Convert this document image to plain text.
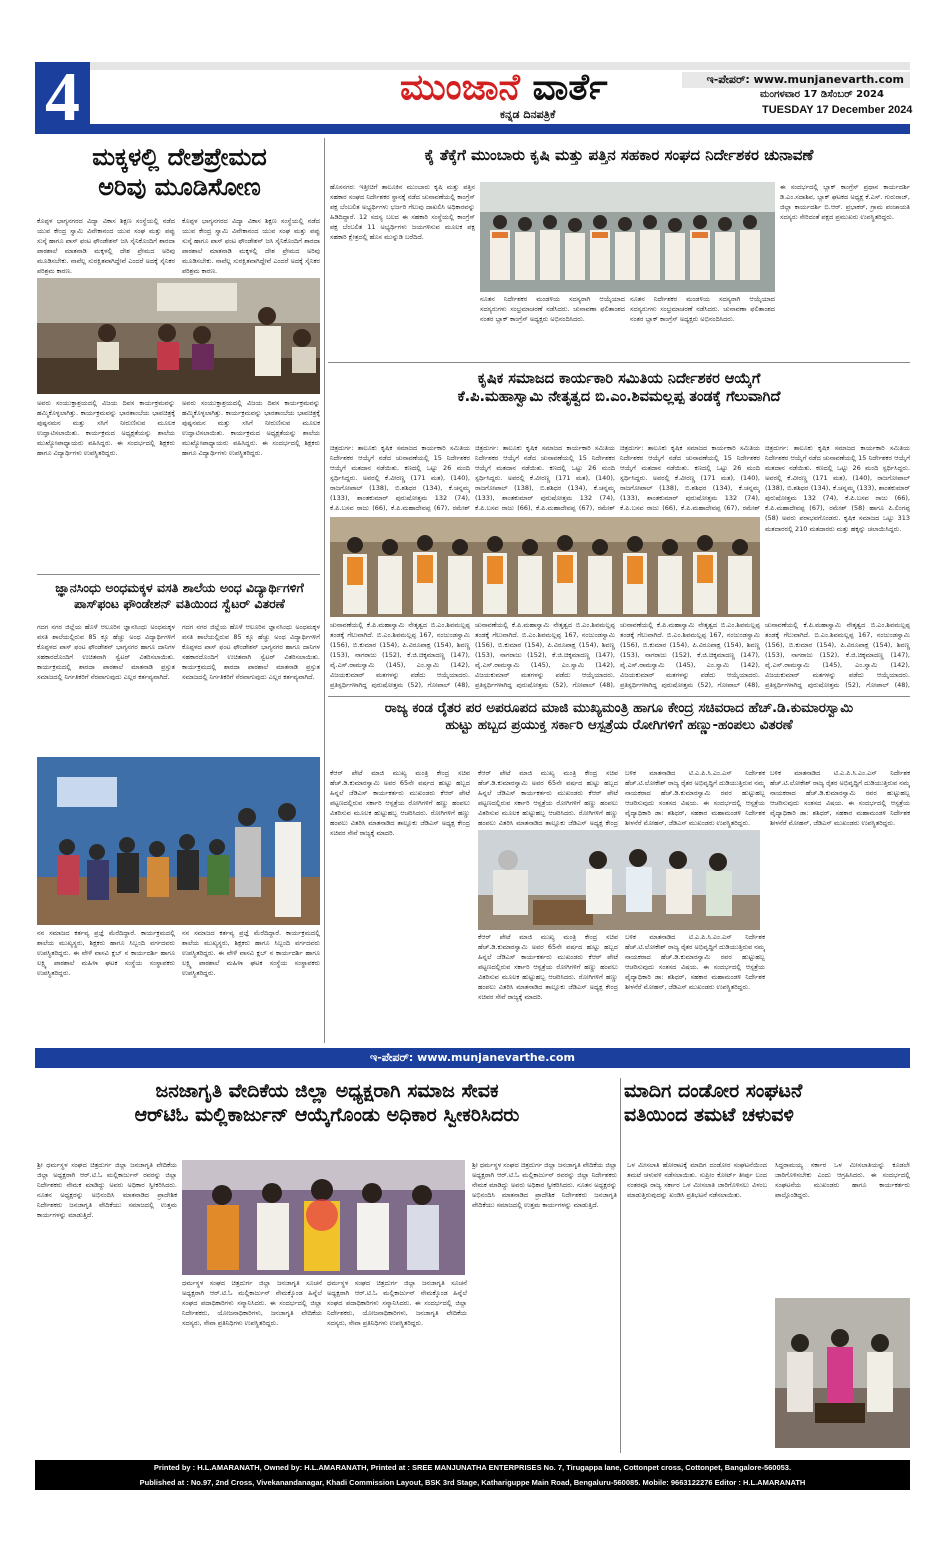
4	ಮುಂಜಾನೆ ವಾರ್ತೆ
ಕನ್ನಡ ದಿನಪತ್ರಿಕೆ
ಇ-ಪೇಪರ್: www.munjanevarth.com
ಮಂಗಳವಾರ 17 ಡಿಸೆಂಬರ್ 2024
TUESDAY 17 December 2024
ಮಕ್ಕಳಲ್ಲಿ ದೇಶಪ್ರೇಮದ
ಅರಿವು ಮೂಡಿಸೋಣ
ಕೊಪ್ಪಳ ಭಾಗ್ಯನಗರದ ವಿದ್ಯಾ ವಿಕಾಸ ಶಿಕ್ಷಣ ಸಂಸ್ಥೆಯಲ್ಲಿ ನಡೆದ ಯುವ ಕೇಂದ್ರ ಸ್ವಾಮಿ ವಿವೇಕಾನಂದ ಯುವ ಸಂಘ ಮತ್ತು ಪಪ್ಪು ಸುಸ್ಕೆ ಹಾಗೂ ಪಾಸ್ ಫಂಟ ಫೌಂಡೇಶನ್ ಜಸಿ ಸೈನಿಕೊಂದಿಗೆ ಶಾರದಾ ಪಾಠಶಾಲೆ ಮಾತನಾಡಿ ಮಕ್ಕಳಲ್ಲಿ ದೇಶ ಪ್ರೇಮದ ಅರಿವು ಮೂಡಿಸಬೇಕು. ನಾವೆಲ್ಲ ಸುರಕ್ಷಿತವಾಗಿದ್ದೇವೆ ಎಂದರೆ ಅದಕ್ಕೆ ಸೈನಿಕರ ಪರಿಶ್ರಮ ಕಾರಣ.
ಕೊಪ್ಪಳ ಭಾಗ್ಯನಗರದ ವಿದ್ಯಾ ವಿಕಾಸ ಶಿಕ್ಷಣ ಸಂಸ್ಥೆಯಲ್ಲಿ ನಡೆದ ಯುವ ಕೇಂದ್ರ ಸ್ವಾಮಿ ವಿವೇಕಾನಂದ ಯುವ ಸಂಘ ಮತ್ತು ಪಪ್ಪು ಸುಸ್ಕೆ ಹಾಗೂ ಪಾಸ್ ಫಂಟ ಫೌಂಡೇಶನ್ ಜಸಿ ಸೈನಿಕೊಂದಿಗೆ ಶಾರದಾ ಪಾಠಶಾಲೆ ಮಾತನಾಡಿ ಮಕ್ಕಳಲ್ಲಿ ದೇಶ ಪ್ರೇಮದ ಅರಿವು ಮೂಡಿಸಬೇಕು. ನಾವೆಲ್ಲ ಸುರಕ್ಷಿತವಾಗಿದ್ದೇವೆ ಎಂದರೆ ಅದಕ್ಕೆ ಸೈನಿಕರ ಪರಿಶ್ರಮ ಕಾರಣ.
ಅವರು ಸಂಯುಕ್ತಾಶ್ರಯದಲ್ಲಿ ವಿಜಯ ದಿವಸ ಕಾರ್ಯಕ್ರಮವನ್ನು ಹಮ್ಮಿಕೊಳ್ಳಲಾಗಿತ್ತು. ಕಾರ್ಯಕ್ರಮವನ್ನು ಭಾರತಾಂಬೆಯ ಭಾವಚಿತ್ರಕ್ಕೆ ಪುಷ್ಪನಮನ ಮತ್ತು ಸಸಿಗೆ ನೀರುಣಿಸುವ ಮೂಲಕ ಉದ್ಘಾಟಿಸಲಾಯಿತು. ಕಾರ್ಯಕ್ರಮದ ಅಧ್ಯಕ್ಷತೆಯನ್ನು ಶಾಲೆಯ ಮುಖ್ಯೋಪಾಧ್ಯಾಯರು ವಹಿಸಿದ್ದರು. ಈ ಸಂದರ್ಭದಲ್ಲಿ ಶಿಕ್ಷಕರು ಹಾಗೂ ವಿದ್ಯಾರ್ಥಿಗಳು ಉಪಸ್ಥಿತರಿದ್ದರು.
ಅವರು ಸಂಯುಕ್ತಾಶ್ರಯದಲ್ಲಿ ವಿಜಯ ದಿವಸ ಕಾರ್ಯಕ್ರಮವನ್ನು ಹಮ್ಮಿಕೊಳ್ಳಲಾಗಿತ್ತು. ಕಾರ್ಯಕ್ರಮವನ್ನು ಭಾರತಾಂಬೆಯ ಭಾವಚಿತ್ರಕ್ಕೆ ಪುಷ್ಪನಮನ ಮತ್ತು ಸಸಿಗೆ ನೀರುಣಿಸುವ ಮೂಲಕ ಉದ್ಘಾಟಿಸಲಾಯಿತು. ಕಾರ್ಯಕ್ರಮದ ಅಧ್ಯಕ್ಷತೆಯನ್ನು ಶಾಲೆಯ ಮುಖ್ಯೋಪಾಧ್ಯಾಯರು ವಹಿಸಿದ್ದರು. ಈ ಸಂದರ್ಭದಲ್ಲಿ ಶಿಕ್ಷಕರು ಹಾಗೂ ವಿದ್ಯಾರ್ಥಿಗಳು ಉಪಸ್ಥಿತರಿದ್ದರು.
ಜ್ಞಾನಸಿಂಧು ಅಂಧಮಕ್ಕಳ ವಸತಿ ಶಾಲೆಯ ಅಂಧ ವಿದ್ಯಾರ್ಥಿಗಳಿಗೆ
ಪಾಸ್‌ಫಂಟ ಫೌಂಡೇಶನ್ ವತಿಯಿಂದ ಸ್ವೆಟರ್ ವಿತರಣೆ
ಗದಗ ನಗರ ಜಿಲ್ಲೆಯ ಹೊಳೆ ಆಲೂರಿನ ಜ್ಞಾನಸಿಂಧು ಅಂಧಮಕ್ಕಳ ವಸತಿ ಶಾಲೆಯಲ್ಲಿರುವ 85 ಕ್ಕೂ ಹೆಚ್ಚು ಅಂಧ ವಿದ್ಯಾರ್ಥಿಗಳಿಗೆ ಕೊಪ್ಪಳದ ಪಾಸ್ ಫಂಟ ಫೌಂಡೇಶನ್ ಭಾಗ್ಯನಗರ ಹಾಗೂ ದಾನಿಗಳ ಸಹಕಾರದೊಂದಿಗೆ ಉಚಿತವಾಗಿ ಸ್ವೆಟರ್ ವಿತರಿಸಲಾಯಿತು. ಕಾರ್ಯಕ್ರಮದಲ್ಲಿ ಶಾರದಾ ಪಾಠಶಾಲೆ ಮಾತನಾಡಿ ಪ್ರಸ್ತುತ ಸಮಾಜದಲ್ಲಿ ನಿರ್ಗತಿಕರಿಗೆ ನೆರವಾಗುವುದು ಎಲ್ಲರ ಕರ್ತವ್ಯವಾಗಿದೆ.
ಗದಗ ನಗರ ಜಿಲ್ಲೆಯ ಹೊಳೆ ಆಲೂರಿನ ಜ್ಞಾನಸಿಂಧು ಅಂಧಮಕ್ಕಳ ವಸತಿ ಶಾಲೆಯಲ್ಲಿರುವ 85 ಕ್ಕೂ ಹೆಚ್ಚು ಅಂಧ ವಿದ್ಯಾರ್ಥಿಗಳಿಗೆ ಕೊಪ್ಪಳದ ಪಾಸ್ ಫಂಟ ಫೌಂಡೇಶನ್ ಭಾಗ್ಯನಗರ ಹಾಗೂ ದಾನಿಗಳ ಸಹಕಾರದೊಂದಿಗೆ ಉಚಿತವಾಗಿ ಸ್ವೆಟರ್ ವಿತರಿಸಲಾಯಿತು. ಕಾರ್ಯಕ್ರಮದಲ್ಲಿ ಶಾರದಾ ಪಾಠಶಾಲೆ ಮಾತನಾಡಿ ಪ್ರಸ್ತುತ ಸಮಾಜದಲ್ಲಿ ನಿರ್ಗತಿಕರಿಗೆ ನೆರವಾಗುವುದು ಎಲ್ಲರ ಕರ್ತವ್ಯವಾಗಿದೆ.
ನನ ಸಮಾಜದ ಕರ್ತವ್ಯ ಪ್ರಜ್ಞೆ ಮೆರೆದಿದ್ದಾರೆ. ಕಾರ್ಯಕ್ರಮದಲ್ಲಿ ಶಾಲೆಯ ಮುಖ್ಯಸ್ಥರು, ಶಿಕ್ಷಕರು ಹಾಗೂ ಸಿಬ್ಬಂದಿ ವರ್ಗದವರು ಉಪಸ್ಥಿತರಿದ್ದರು. ಈ ವೇಳೆ ವಾಸವಿ ಕ್ಲಬ್ ನ ಕಾರ್ಯದರ್ಶಿ ಹಾಗೂ ಲಕ್ಷ್ಮಿ ಪಾಠಶಾಲೆ ಮಹಿಳಾ ಘಟಕ ಸಂಸ್ಥೆಯ ಸಂಸ್ಥಾಪಕರು ಉಪಸ್ಥಿತರಿದ್ದರು.
ನನ ಸಮಾಜದ ಕರ್ತವ್ಯ ಪ್ರಜ್ಞೆ ಮೆರೆದಿದ್ದಾರೆ. ಕಾರ್ಯಕ್ರಮದಲ್ಲಿ ಶಾಲೆಯ ಮುಖ್ಯಸ್ಥರು, ಶಿಕ್ಷಕರು ಹಾಗೂ ಸಿಬ್ಬಂದಿ ವರ್ಗದವರು ಉಪಸ್ಥಿತರಿದ್ದರು. ಈ ವೇಳೆ ವಾಸವಿ ಕ್ಲಬ್ ನ ಕಾರ್ಯದರ್ಶಿ ಹಾಗೂ ಲಕ್ಷ್ಮಿ ಪಾಠಶಾಲೆ ಮಹಿಳಾ ಘಟಕ ಸಂಸ್ಥೆಯ ಸಂಸ್ಥಾಪಕರು ಉಪಸ್ಥಿತರಿದ್ದರು.
ಕೈ ತೆಕ್ಕೆಗೆ ಮುಂಬಾರು ಕೃಷಿ ಮತ್ತು ಪತ್ತಿನ ಸಹಕಾರ ಸಂಘದ ನಿರ್ದೇಶಕರ ಚುನಾವಣೆ
ಹೊಸನಗರ: ಇತ್ತೀಚಿಗೆ ತಾಲೂಕಿನ ಮುಂಬಾರು ಕೃಷಿ ಮತ್ತು ಪತ್ತಿನ ಸಹಕಾರ ಸಂಘದ ನಿರ್ದೇಶಕರ ಸ್ಥಾನಕ್ಕೆ ನಡೆದ ಚುನಾವಣೆಯಲ್ಲಿ ಕಾಂಗ್ರೆಸ್ ಪಕ್ಷ ಬೆಂಬಲಿತ ಅಭ್ಯರ್ಥಿಗಳು ಭರ್ಜರಿ ಗೆಲುವು ದಾಖಲಿಸಿ ಅಧಿಕಾರವನ್ನು ಹಿಡಿದಿದ್ದಾರೆ. 12 ಸದಸ್ಯ ಬಲದ ಈ ಸಹಕಾರಿ ಸಂಸ್ಥೆಯಲ್ಲಿ ಕಾಂಗ್ರೆಸ್ ಪಕ್ಷ ಬೆಂಬಲಿತ 11 ಅಭ್ಯರ್ಥಿಗಳು ಜಯಗಳಿಸುವ ಮೂಲಕ ಪಕ್ಷ ಸಹಕಾರಿ ಕ್ಷೇತ್ರದಲ್ಲಿ ಹೊಸ ಮುನ್ನುಡಿ ಬರೆದಿದೆ.
ನೂತನ ನಿರ್ದೇಶಕರ ಮಂಡಳಿಯ ಸದಸ್ಯರಾಗಿ ಆಯ್ಕೆಯಾದ ಸದಸ್ಯರುಗಳು ಸಂಭ್ರಮಾಚರಣೆ ನಡೆಸಿದರು. ಚುನಾವಣಾ ಫಲಿತಾಂಶದ ನಂತರ ಬ್ಲಾಕ್ ಕಾಂಗ್ರೆಸ್ ಅಧ್ಯಕ್ಷರು ಅಭಿನಂದಿಸಿದರು.
ನೂತನ ನಿರ್ದೇಶಕರ ಮಂಡಳಿಯ ಸದಸ್ಯರಾಗಿ ಆಯ್ಕೆಯಾದ ಸದಸ್ಯರುಗಳು ಸಂಭ್ರಮಾಚರಣೆ ನಡೆಸಿದರು. ಚುನಾವಣಾ ಫಲಿತಾಂಶದ ನಂತರ ಬ್ಲಾಕ್ ಕಾಂಗ್ರೆಸ್ ಅಧ್ಯಕ್ಷರು ಅಭಿನಂದಿಸಿದರು.
ಈ ಸಂದರ್ಭದಲ್ಲಿ ಬ್ಲಾಕ್ ಕಾಂಗ್ರೆಸ್ ಪ್ರಧಾನ ಕಾರ್ಯದರ್ಶಿ ಡಿ.ಎಂ.ಸದಾಶಿವ, ಬ್ಲಾಕ್ ಘಟಕದ ಅಧ್ಯಕ್ಷ ಕೆ.ಎಸ್. ಗುರುರಾಜ್, ಜಿಲ್ಲಾ ಕಾರ್ಯದರ್ಶಿ ಬಿ.ಆರ್. ಪ್ರಭಾಕರ್, ಗ್ರಾಮ ಪಂಚಾಯತಿ ಸದಸ್ಯರು ಸೇರಿದಂತೆ ಪಕ್ಷದ ಪ್ರಮುಖರು ಉಪಸ್ಥಿತರಿದ್ದರು.
ಕೃಷಿಕ ಸಮಾಜದ ಕಾರ್ಯಕಾರಿ ಸಮಿತಿಯ ನಿರ್ದೇಶಕರ ಆಯ್ಕೆಗೆ
ಕೆ.ಪಿ.ಮಹಾಸ್ವಾಮಿ ನೇತೃತ್ವದ ಬಿ.ಎಂ.ಶಿವಮಲ್ಲಪ್ಪ ತಂಡಕ್ಕೆ ಗೆಲುವಾಗಿದೆ
ಚಿತ್ರದುರ್ಗ: ತಾಲೂಕು ಕೃಷಿಕ ಸಮಾಜದ ಕಾರ್ಯಕಾರಿ ಸಮಿತಿಯ ನಿರ್ದೇಶಕರ ಆಯ್ಕೆಗೆ ನಡೆದ ಚುನಾವಣೆಯಲ್ಲಿ 15 ನಿರ್ದೇಶಕರ ಆಯ್ಕೆಗೆ ಮತದಾನ ನಡೆಯಿತು. ಕಣದಲ್ಲಿ ಒಟ್ಟು 26 ಮಂದಿ ಸ್ಪರ್ಧಿಸಿದ್ದರು. ಅವರಲ್ಲಿ ಕೆ.ವೀರಣ್ಣ (171 ಮತ), (140), ರಾಜಗೋಪಾಲ್ (138), ಬಿ.ಶಶಿಧರ (134), ಕೆ.ಚನ್ನಮ್ಮ (133), ಶಾಂತಕುಮಾರ್ ಪುರುಷೋತ್ತಮ 132 (74), ಕೆ.ಪಿ.ಬಸವ ರಾಜು (66), ಕೆ.ಪಿ.ಮಹಾದೇವಪ್ಪ (67), ರಮೇಶ್
ಚಿತ್ರದುರ್ಗ: ತಾಲೂಕು ಕೃಷಿಕ ಸಮಾಜದ ಕಾರ್ಯಕಾರಿ ಸಮಿತಿಯ ನಿರ್ದೇಶಕರ ಆಯ್ಕೆಗೆ ನಡೆದ ಚುನಾವಣೆಯಲ್ಲಿ 15 ನಿರ್ದೇಶಕರ ಆಯ್ಕೆಗೆ ಮತದಾನ ನಡೆಯಿತು. ಕಣದಲ್ಲಿ ಒಟ್ಟು 26 ಮಂದಿ ಸ್ಪರ್ಧಿಸಿದ್ದರು. ಅವರಲ್ಲಿ ಕೆ.ವೀರಣ್ಣ (171 ಮತ), (140), ರಾಜಗೋಪಾಲ್ (138), ಬಿ.ಶಶಿಧರ (134), ಕೆ.ಚನ್ನಮ್ಮ (133), ಶಾಂತಕುಮಾರ್ ಪುರುಷೋತ್ತಮ 132 (74), ಕೆ.ಪಿ.ಬಸವ ರಾಜು (66), ಕೆ.ಪಿ.ಮಹಾದೇವಪ್ಪ (67), ರಮೇಶ್
ಚಿತ್ರದುರ್ಗ: ತಾಲೂಕು ಕೃಷಿಕ ಸಮಾಜದ ಕಾರ್ಯಕಾರಿ ಸಮಿತಿಯ ನಿರ್ದೇಶಕರ ಆಯ್ಕೆಗೆ ನಡೆದ ಚುನಾವಣೆಯಲ್ಲಿ 15 ನಿರ್ದೇಶಕರ ಆಯ್ಕೆಗೆ ಮತದಾನ ನಡೆಯಿತು. ಕಣದಲ್ಲಿ ಒಟ್ಟು 26 ಮಂದಿ ಸ್ಪರ್ಧಿಸಿದ್ದರು. ಅವರಲ್ಲಿ ಕೆ.ವೀರಣ್ಣ (171 ಮತ), (140), ರಾಜಗೋಪಾಲ್ (138), ಬಿ.ಶಶಿಧರ (134), ಕೆ.ಚನ್ನಮ್ಮ (133), ಶಾಂತಕುಮಾರ್ ಪುರುಷೋತ್ತಮ 132 (74), ಕೆ.ಪಿ.ಬಸವ ರಾಜು (66), ಕೆ.ಪಿ.ಮಹಾದೇವಪ್ಪ (67), ರಮೇಶ್
ಚಿತ್ರದುರ್ಗ: ತಾಲೂಕು ಕೃಷಿಕ ಸಮಾಜದ ಕಾರ್ಯಕಾರಿ ಸಮಿತಿಯ ನಿರ್ದೇಶಕರ ಆಯ್ಕೆಗೆ ನಡೆದ ಚುನಾವಣೆಯಲ್ಲಿ 15 ನಿರ್ದೇಶಕರ ಆಯ್ಕೆಗೆ ಮತದಾನ ನಡೆಯಿತು. ಕಣದಲ್ಲಿ ಒಟ್ಟು 26 ಮಂದಿ ಸ್ಪರ್ಧಿಸಿದ್ದರು. ಅವರಲ್ಲಿ ಕೆ.ವೀರಣ್ಣ (171 ಮತ), (140), ರಾಜಗೋಪಾಲ್ (138), ಬಿ.ಶಶಿಧರ (134), ಕೆ.ಚನ್ನಮ್ಮ (133), ಶಾಂತಕುಮಾರ್ ಪುರುಷೋತ್ತಮ 132 (74), ಕೆ.ಪಿ.ಬಸವ ರಾಜು (66), ಕೆ.ಪಿ.ಮಹಾದೇವಪ್ಪ (67), ರಮೇಶ್ (58) ಹಾಗೂ ಪಿ.ಲಿಂಗಪ್ಪ (58) ಅವರು ಪರಾಭವಗೊಂಡರು. ಕೃಷಿಕ ಸಮಾಜದ ಒಟ್ಟು 313 ಮತದಾರರಲ್ಲಿ 210 ಮತದಾರರು ಮತ್ತು ಹಕ್ಕನ್ನು ಚಲಾಯಿಸಿದ್ದರು.
ಚುನಾವಣೆಯಲ್ಲಿ ಕೆ.ಪಿ.ಮಹಾಸ್ವಾಮಿ ನೇತೃತ್ವದ ಬಿ.ಎಂ.ಶಿವಮಲ್ಲಪ್ಪ ತಂಡಕ್ಕೆ ಗೆಲುವಾಗಿದೆ. ಬಿ.ಎಂ.ಶಿವಮಲ್ಲಪ್ಪ 167, ನಂಜುಂಡಸ್ವಾಮಿ (156), ಬಿ.ಕುಮಾರ (154), ಪಿ.ವಿರೂಪಾಕ್ಷ (154), ಶಿವಣ್ಣ (153), ನಾಗರಾಜು (152), ಕೆ.ಜಿ.ಚಿಕ್ಕಮಾದಣ್ಣ (147), ವೈ.ಎಸ್.ರಾಮಸ್ವಾಮಿ (145), ಎಂ.ಸ್ವಾಮಿ (142), ವಿಜಯಕುಮಾರ್ ಮತಗಳನ್ನು ಪಡೆದು ಆಯ್ಕೆಯಾದರು. ಪ್ರತಿಸ್ಪರ್ಧಿಗಳಾಗಿದ್ದ ಪುರುಷೋತ್ತಮ (52), ಗೋಪಾಲ್ (48),
ಚುನಾವಣೆಯಲ್ಲಿ ಕೆ.ಪಿ.ಮಹಾಸ್ವಾಮಿ ನೇತೃತ್ವದ ಬಿ.ಎಂ.ಶಿವಮಲ್ಲಪ್ಪ ತಂಡಕ್ಕೆ ಗೆಲುವಾಗಿದೆ. ಬಿ.ಎಂ.ಶಿವಮಲ್ಲಪ್ಪ 167, ನಂಜುಂಡಸ್ವಾಮಿ (156), ಬಿ.ಕುಮಾರ (154), ಪಿ.ವಿರೂಪಾಕ್ಷ (154), ಶಿವಣ್ಣ (153), ನಾಗರಾಜು (152), ಕೆ.ಜಿ.ಚಿಕ್ಕಮಾದಣ್ಣ (147), ವೈ.ಎಸ್.ರಾಮಸ್ವಾಮಿ (145), ಎಂ.ಸ್ವಾಮಿ (142), ವಿಜಯಕುಮಾರ್ ಮತಗಳನ್ನು ಪಡೆದು ಆಯ್ಕೆಯಾದರು. ಪ್ರತಿಸ್ಪರ್ಧಿಗಳಾಗಿದ್ದ ಪುರುಷೋತ್ತಮ (52), ಗೋಪಾಲ್ (48),
ಚುನಾವಣೆಯಲ್ಲಿ ಕೆ.ಪಿ.ಮಹಾಸ್ವಾಮಿ ನೇತೃತ್ವದ ಬಿ.ಎಂ.ಶಿವಮಲ್ಲಪ್ಪ ತಂಡಕ್ಕೆ ಗೆಲುವಾಗಿದೆ. ಬಿ.ಎಂ.ಶಿವಮಲ್ಲಪ್ಪ 167, ನಂಜುಂಡಸ್ವಾಮಿ (156), ಬಿ.ಕುಮಾರ (154), ಪಿ.ವಿರೂಪಾಕ್ಷ (154), ಶಿವಣ್ಣ (153), ನಾಗರಾಜು (152), ಕೆ.ಜಿ.ಚಿಕ್ಕಮಾದಣ್ಣ (147), ವೈ.ಎಸ್.ರಾಮಸ್ವಾಮಿ (145), ಎಂ.ಸ್ವಾಮಿ (142), ವಿಜಯಕುಮಾರ್ ಮತಗಳನ್ನು ಪಡೆದು ಆಯ್ಕೆಯಾದರು. ಪ್ರತಿಸ್ಪರ್ಧಿಗಳಾಗಿದ್ದ ಪುರುಷೋತ್ತಮ (52), ಗೋಪಾಲ್ (48),
ಚುನಾವಣೆಯಲ್ಲಿ ಕೆ.ಪಿ.ಮಹಾಸ್ವಾಮಿ ನೇತೃತ್ವದ ಬಿ.ಎಂ.ಶಿವಮಲ್ಲಪ್ಪ ತಂಡಕ್ಕೆ ಗೆಲುವಾಗಿದೆ. ಬಿ.ಎಂ.ಶಿವಮಲ್ಲಪ್ಪ 167, ನಂಜುಂಡಸ್ವಾಮಿ (156), ಬಿ.ಕುಮಾರ (154), ಪಿ.ವಿರೂಪಾಕ್ಷ (154), ಶಿವಣ್ಣ (153), ನಾಗರಾಜು (152), ಕೆ.ಜಿ.ಚಿಕ್ಕಮಾದಣ್ಣ (147), ವೈ.ಎಸ್.ರಾಮಸ್ವಾಮಿ (145), ಎಂ.ಸ್ವಾಮಿ (142), ವಿಜಯಕುಮಾರ್ ಮತಗಳನ್ನು ಪಡೆದು ಆಯ್ಕೆಯಾದರು. ಪ್ರತಿಸ್ಪರ್ಧಿಗಳಾಗಿದ್ದ ಪುರುಷೋತ್ತಮ (52), ಗೋಪಾಲ್ (48),
ರಾಜ್ಯ ಕಂಡ ರೈತರ ಪರ ಅಪರೂಪದ ಮಾಜಿ ಮುಖ್ಯಮಂತ್ರಿ ಹಾಗೂ ಕೇಂದ್ರ ಸಚಿವರಾದ ಹೆಚ್.ಡಿ.ಕುಮಾರಸ್ವಾಮಿ
ಹುಟ್ಟು ಹಬ್ಬದ ಪ್ರಯುಕ್ತ ಸರ್ಕಾರಿ ಆಸ್ಪತ್ರೆಯ ರೋಗಿಗಳಿಗೆ ಹಣ್ಣು-ಹಂಪಲು ವಿತರಣೆ
ಕೆಆರ್ ಪೇಟೆ ಮಾಜಿ ಮುಖ್ಯ ಮಂತ್ರಿ ಕೇಂದ್ರ ಸಚಿವ ಹೆಚ್.ಡಿ.ಕುಮಾರಸ್ವಾಮಿ ಅವರ 65ನೇ ವರ್ಷದ ಹುಟ್ಟು ಹಬ್ಬದ ಹಿನ್ನಲೆ ಜೆಡಿಎಸ್ ಕಾರ್ಯಕರ್ತರು ಮುಖಂಡರು ಕೆಆರ್ ಪೇಟೆ ಪಟ್ಟಣದಲ್ಲಿರುವ ಸರ್ಕಾರಿ ಆಸ್ಪತ್ರೆಯ ರೋಗಿಗಳಿಗೆ ಹಣ್ಣು ಹಂಪಲು ವಿತರಿಸುವ ಮೂಲಕ ಹುಟ್ಟುಹಬ್ಬ ಆಚರಿಸಿದರು. ರೋಗಿಗಳಿಗೆ ಹಣ್ಣು ಹಂಪಲು ವಿತರಿಸಿ ಮಾತನಾಡಿದ ತಾಲ್ಲೂಕು ಜೆಡಿಎಸ್ ಅಧ್ಯಕ್ಷ ಕೇಂದ್ರ ಸಚಿವರ ಸೇವೆ ರಾಜ್ಯಕ್ಕೆ ಮಾದರಿ.
ಕೆಆರ್ ಪೇಟೆ ಮಾಜಿ ಮುಖ್ಯ ಮಂತ್ರಿ ಕೇಂದ್ರ ಸಚಿವ ಹೆಚ್.ಡಿ.ಕುಮಾರಸ್ವಾಮಿ ಅವರ 65ನೇ ವರ್ಷದ ಹುಟ್ಟು ಹಬ್ಬದ ಹಿನ್ನಲೆ ಜೆಡಿಎಸ್ ಕಾರ್ಯಕರ್ತರು ಮುಖಂಡರು ಕೆಆರ್ ಪೇಟೆ ಪಟ್ಟಣದಲ್ಲಿರುವ ಸರ್ಕಾರಿ ಆಸ್ಪತ್ರೆಯ ರೋಗಿಗಳಿಗೆ ಹಣ್ಣು ಹಂಪಲು ವಿತರಿಸುವ ಮೂಲಕ ಹುಟ್ಟುಹಬ್ಬ ಆಚರಿಸಿದರು. ರೋಗಿಗಳಿಗೆ ಹಣ್ಣು ಹಂಪಲು ವಿತರಿಸಿ ಮಾತನಾಡಿದ ತಾಲ್ಲೂಕು ಜೆಡಿಎಸ್ ಅಧ್ಯಕ್ಷ ಕೇಂದ್ರ
ಕೆಆರ್ ಪೇಟೆ ಮಾಜಿ ಮುಖ್ಯ ಮಂತ್ರಿ ಕೇಂದ್ರ ಸಚಿವ ಹೆಚ್.ಡಿ.ಕುಮಾರಸ್ವಾಮಿ ಅವರ 65ನೇ ವರ್ಷದ ಹುಟ್ಟು ಹಬ್ಬದ ಹಿನ್ನಲೆ ಜೆಡಿಎಸ್ ಕಾರ್ಯಕರ್ತರು ಮುಖಂಡರು ಕೆಆರ್ ಪೇಟೆ ಪಟ್ಟಣದಲ್ಲಿರುವ ಸರ್ಕಾರಿ ಆಸ್ಪತ್ರೆಯ ರೋಗಿಗಳಿಗೆ ಹಣ್ಣು ಹಂಪಲು ವಿತರಿಸುವ ಮೂಲಕ ಹುಟ್ಟುಹಬ್ಬ ಆಚರಿಸಿದರು. ರೋಗಿಗಳಿಗೆ ಹಣ್ಣು ಹಂಪಲು ವಿತರಿಸಿ ಮಾತನಾಡಿದ ತಾಲ್ಲೂಕು ಜೆಡಿಎಸ್ ಅಧ್ಯಕ್ಷ ಕೇಂದ್ರ ಸಚಿವರ ಸೇವೆ ರಾಜ್ಯಕ್ಕೆ ಮಾದರಿ.
ಬಳಿಕ ಮಾತನಾಡಿದ ಟಿ.ಎ.ಪಿ.ಸಿ.ಎಂ.ಎಸ್ ನಿರ್ದೇಶಕ ಹೆಚ್.ಟಿ.ಲೋಕೇಶ್ ರಾಜ್ಯ ರೈತರ ಅಭಿವೃದ್ಧಿಗೆ ದುಡಿಯುತ್ತಿರುವ ನಮ್ಮ ನಾಯಕರಾದ ಹೆಚ್.ಡಿ.ಕುಮಾರಸ್ವಾಮಿ ರವರ ಹುಟ್ಟುಹಬ್ಬ ಆಚರಿಸುವುದು ಸಂತಸದ ವಿಷಯ. ಈ ಸಂದರ್ಭದಲ್ಲಿ ಆಸ್ಪತ್ರೆಯ ವೈದ್ಯಾಧಿಕಾರಿ ಡಾ: ಶಶಿಧರ್, ಸಹಕಾರ ಮಹಾಮಂಡಳಿ ನಿರ್ದೇಶಕ ಶೀಳನೆರೆ ಮೋಹನ್, ಜೆಡಿಎಸ್ ಮುಖಂಡರು ಉಪಸ್ಥಿತರಿದ್ದರು.
ಬಳಿಕ ಮಾತನಾಡಿದ ಟಿ.ಎ.ಪಿ.ಸಿ.ಎಂ.ಎಸ್ ನಿರ್ದೇಶಕ ಹೆಚ್.ಟಿ.ಲೋಕೇಶ್ ರಾಜ್ಯ ರೈತರ ಅಭಿವೃದ್ಧಿಗೆ ದುಡಿಯುತ್ತಿರುವ ನಮ್ಮ ನಾಯಕರಾದ ಹೆಚ್.ಡಿ.ಕುಮಾರಸ್ವಾಮಿ ರವರ ಹುಟ್ಟುಹಬ್ಬ ಆಚರಿಸುವುದು ಸಂತಸದ ವಿಷಯ. ಈ ಸಂದರ್ಭದಲ್ಲಿ ಆಸ್ಪತ್ರೆಯ ವೈದ್ಯಾಧಿಕಾರಿ ಡಾ: ಶಶಿಧರ್, ಸಹಕಾರ ಮಹಾಮಂಡಳಿ ನಿರ್ದೇಶಕ ಶೀಳನೆರೆ ಮೋಹನ್, ಜೆಡಿಎಸ್ ಮುಖಂಡರು ಉಪಸ್ಥಿತರಿದ್ದರು.
ಬಳಿಕ ಮಾತನಾಡಿದ ಟಿ.ಎ.ಪಿ.ಸಿ.ಎಂ.ಎಸ್ ನಿರ್ದೇಶಕ ಹೆಚ್.ಟಿ.ಲೋಕೇಶ್ ರಾಜ್ಯ ರೈತರ ಅಭಿವೃದ್ಧಿಗೆ ದುಡಿಯುತ್ತಿರುವ ನಮ್ಮ ನಾಯಕರಾದ ಹೆಚ್.ಡಿ.ಕುಮಾರಸ್ವಾಮಿ ರವರ ಹುಟ್ಟುಹಬ್ಬ ಆಚರಿಸುವುದು ಸಂತಸದ ವಿಷಯ. ಈ ಸಂದರ್ಭದಲ್ಲಿ ಆಸ್ಪತ್ರೆಯ ವೈದ್ಯಾಧಿಕಾರಿ ಡಾ: ಶಶಿಧರ್, ಸಹಕಾರ ಮಹಾಮಂಡಳಿ ನಿರ್ದೇಶಕ ಶೀಳನೆರೆ ಮೋಹನ್, ಜೆಡಿಎಸ್ ಮುಖಂಡರು ಉಪಸ್ಥಿತರಿದ್ದರು.
ಇ-ಪೇಪರ್: www.munjanevarthe.com
ಜನಜಾಗೃತಿ ವೇದಿಕೆಯ ಜಿಲ್ಲಾ ಅಧ್ಯಕ್ಷರಾಗಿ ಸಮಾಜ ಸೇವಕ
ಆರ್‌ಟಿಓ ಮಲ್ಲಿಕಾರ್ಜುನ್ ಆಯ್ಕೆಗೊಂಡು ಅಧಿಕಾರ ಸ್ವೀಕರಿಸಿದರು
ಶ್ರೀ ಧರ್ಮಸ್ಥಳ ಸಂಘದ ಚಿತ್ರದುರ್ಗ ಜಿಲ್ಲಾ ಜನಜಾಗೃತಿ ವೇದಿಕೆಯ ಜಿಲ್ಲಾ ಅಧ್ಯಕ್ಷರಾಗಿ ಆರ್.ಟಿ.ಓ ಮಲ್ಲಿಕಾರ್ಜುನ್ ರವರನ್ನು ಜಿಲ್ಲಾ ನಿರ್ದೇಶಕರು ನೇಮಕ ಮಾಡಿದ್ದು ಅವರು ಅಧಿಕಾರ ಸ್ವೀಕರಿಸಿದರು. ನೂತನ ಅಧ್ಯಕ್ಷರನ್ನು ಅಭಿನಂದಿಸಿ ಮಾತನಾಡಿದ ಪ್ರಾದೇಶಿಕ ನಿರ್ದೇಶಕರು ಜನಜಾಗೃತಿ ವೇದಿಕೆಯು ಸಮಾಜದಲ್ಲಿ ಉತ್ತಮ ಕಾರ್ಯಗಳನ್ನು ಮಾಡುತ್ತಿದೆ.
ಧರ್ಮಸ್ಥಳ ಸಂಘದ ಚಿತ್ರದುರ್ಗ ಜಿಲ್ಲಾ ಜನಜಾಗೃತಿ ಸೂಚನೆ ಅಧ್ಯಕ್ಷರಾಗಿ ಆರ್.ಟಿ.ಓ ಮಲ್ಲಿಕಾರ್ಜುನ್ ನೇಮಕ್ಕೊಂಡ ಹಿನ್ನೆಲೆ ಸಂಘದ ಪದಾಧಿಕಾರಿಗಳು ಸನ್ಮಾನಿಸಿದರು. ಈ ಸಂದರ್ಭದಲ್ಲಿ ಜಿಲ್ಲಾ ನಿರ್ದೇಶಕರು, ಯೋಜನಾಧಿಕಾರಿಗಳು, ಜನಜಾಗೃತಿ ವೇದಿಕೆಯ ಸದಸ್ಯರು, ಸೇವಾ ಪ್ರತಿನಿಧಿಗಳು ಉಪಸ್ಥಿತರಿದ್ದರು.
ಧರ್ಮಸ್ಥಳ ಸಂಘದ ಚಿತ್ರದುರ್ಗ ಜಿಲ್ಲಾ ಜನಜಾಗೃತಿ ಸೂಚನೆ ಅಧ್ಯಕ್ಷರಾಗಿ ಆರ್.ಟಿ.ಓ ಮಲ್ಲಿಕಾರ್ಜುನ್ ನೇಮಕ್ಕೊಂಡ ಹಿನ್ನೆಲೆ ಸಂಘದ ಪದಾಧಿಕಾರಿಗಳು ಸನ್ಮಾನಿಸಿದರು. ಈ ಸಂದರ್ಭದಲ್ಲಿ ಜಿಲ್ಲಾ ನಿರ್ದೇಶಕರು, ಯೋಜನಾಧಿಕಾರಿಗಳು, ಜನಜಾಗೃತಿ ವೇದಿಕೆಯ ಸದಸ್ಯರು, ಸೇವಾ ಪ್ರತಿನಿಧಿಗಳು ಉಪಸ್ಥಿತರಿದ್ದರು.
ಶ್ರೀ ಧರ್ಮಸ್ಥಳ ಸಂಘದ ಚಿತ್ರದುರ್ಗ ಜಿಲ್ಲಾ ಜನಜಾಗೃತಿ ವೇದಿಕೆಯ ಜಿಲ್ಲಾ ಅಧ್ಯಕ್ಷರಾಗಿ ಆರ್.ಟಿ.ಓ ಮಲ್ಲಿಕಾರ್ಜುನ್ ರವರನ್ನು ಜಿಲ್ಲಾ ನಿರ್ದೇಶಕರು ನೇಮಕ ಮಾಡಿದ್ದು ಅವರು ಅಧಿಕಾರ ಸ್ವೀಕರಿಸಿದರು. ನೂತನ ಅಧ್ಯಕ್ಷರನ್ನು ಅಭಿನಂದಿಸಿ ಮಾತನಾಡಿದ ಪ್ರಾದೇಶಿಕ ನಿರ್ದೇಶಕರು ಜನಜಾಗೃತಿ ವೇದಿಕೆಯು ಸಮಾಜದಲ್ಲಿ ಉತ್ತಮ ಕಾರ್ಯಗಳನ್ನು ಮಾಡುತ್ತಿದೆ.
ಮಾದಿಗ ದಂಡೋರ ಸಂಘಟನೆ
ವತಿಯಿಂದ ತಮಟೆ ಚಳುವಳಿ
ಒಳ ಮೀಸಲಾತಿ ಹೋರಾಟಕ್ಕೆ ಮಾದಿಗ ದಂಡೋರ ಸಂಘಟನೆಯಿಂದ ತಮಟೆ ಚಳುವಳಿ ನಡೆಸಲಾಯಿತು. ಸುಪ್ರೀಂ ಕೋರ್ಟ್ ತೀರ್ಪು ಬಂದ ನಂತರವೂ ರಾಜ್ಯ ಸರ್ಕಾರ ಒಳ ಮೀಸಲಾತಿ ಜಾರಿಗೊಳಿಸಲು ವಿಳಂಬ ಮಾಡುತ್ತಿರುವುದನ್ನು ಖಂಡಿಸಿ ಪ್ರತಿಭಟನೆ ನಡೆಸಲಾಯಿತು.
ಸಿದ್ದರಾಮಯ್ಯ ಸರ್ಕಾರ ಒಳ ಮೀಸಲಾತಿಯನ್ನು ಕೂಡಲೇ ಜಾರಿಗೊಳಿಸಬೇಕು ಎಂದು ಆಗ್ರಹಿಸಿದರು. ಈ ಸಂದರ್ಭದಲ್ಲಿ ಸಂಘಟನೆಯ ಮುಖಂಡರು ಹಾಗೂ ಕಾರ್ಯಕರ್ತರು ಪಾಲ್ಗೊಂಡಿದ್ದರು.
Printed by : H.L.AMARANATH, Owned by: H.L.AMARANATH, Printed at : SREE MANJUNATHA ENTERPRISES No. 7, Tirugappa lane, Cottonpet cross, Cottonpet, Bangalore-560053.
Published at : No.97, 2nd Cross, Vivekanandanagar, Khadi Commission Layout, BSK 3rd Stage, Kathariguppe Main Road, Bengaluru-560085. Mobile: 9663122276 Editor : H.L.AMARANATH
